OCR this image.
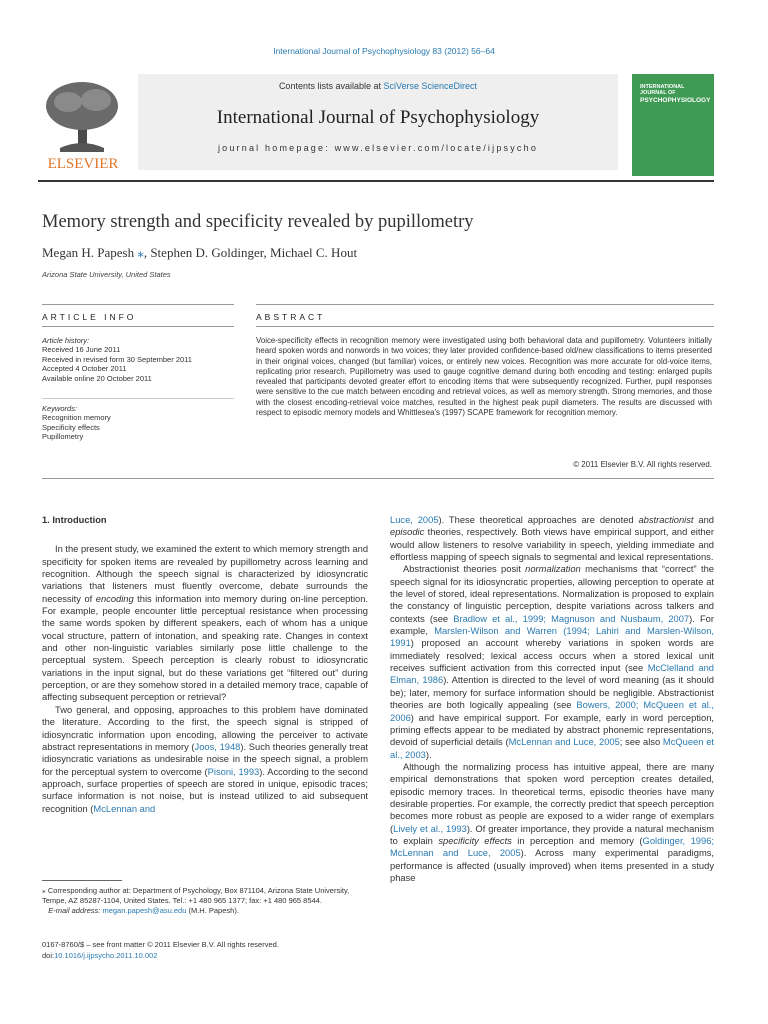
International Journal of Psychophysiology 83 (2012) 56–64
ELSEVIER
Contents lists available at SciVerse ScienceDirect
International Journal of Psychophysiology
journal homepage: www.elsevier.com/locate/ijpsycho
INTERNATIONAL JOURNAL OF
PSYCHOPHYSIOLOGY
Memory strength and specificity revealed by pupillometry
Megan H. Papesh ⁎, Stephen D. Goldinger, Michael C. Hout
Arizona State University, United States
ARTICLE INFO	ABSTRACT
Article history:
Received 16 June 2011
Received in revised form 30 September 2011
Accepted 4 October 2011
Available online 20 October 2011
Keywords:
Recognition memory
Specificity effects
Pupillometry
Voice-specificity effects in recognition memory were investigated using both behavioral data and pupillometry. Volunteers initially heard spoken words and nonwords in two voices; they later provided confidence-based old/new classifications to items presented in their original voices, changed (but familiar) voices, or entirely new voices. Recognition was more accurate for old-voice items, replicating prior research. Pupillometry was used to gauge cognitive demand during both encoding and testing: enlarged pupils revealed that participants devoted greater effort to encoding items that were subsequently recognized. Further, pupil responses were sensitive to the cue match between encoding and retrieval voices, as well as memory strength. Strong memories, and those with the closest encoding-retrieval voice matches, resulted in the highest peak pupil diameters. The results are discussed with respect to episodic memory models and Whittlesea's (1997) SCAPE framework for recognition memory.
© 2011 Elsevier B.V. All rights reserved.
1. Introduction

In the present study, we examined the extent to which memory strength and specificity for spoken items are revealed by pupillometry across learning and recognition. Although the speech signal is characterized by idiosyncratic variations that listeners must fluently overcome, debate surrounds the necessity of encoding this information into memory during on-line perception. For example, people encounter little perceptual resistance when processing the same words spoken by different speakers, each of whom has a unique vocal structure, pattern of intonation, and speaking rate. Changes in context and other non-linguistic variables similarly pose little challenge to the perceptual system. Speech perception is clearly robust to idiosyncratic variations in the input signal, but do these variations get “filtered out” during perception, or are they somehow stored in a detailed memory trace, capable of affecting subsequent perception or retrieval?

Two general, and opposing, approaches to this problem have dominated the literature. According to the first, the speech signal is stripped of idiosyncratic information upon encoding, allowing the perceiver to activate abstract representations in memory (Joos, 1948). Such theories generally treat idiosyncratic variations as undesirable noise in the speech signal, a problem for the perceptual system to overcome (Pisoni, 1993). According to the second approach, surface properties of speech are stored in unique, episodic traces; surface information is not noise, but is instead utilized to aid subsequent recognition (McLennan and

Luce, 2005). These theoretical approaches are denoted abstractionist and episodic theories, respectively. Both views have empirical support, and either would allow listeners to resolve variability in speech, yielding immediate and effortless mapping of speech signals to segmental and lexical representations.

Abstractionist theories posit normalization mechanisms that “correct” the speech signal for its idiosyncratic properties, allowing perception to operate at the level of stored, ideal representations. Normalization is proposed to explain the constancy of linguistic perception, despite variations across talkers and contexts (see Bradlow et al., 1999; Magnuson and Nusbaum, 2007). For example, Marslen-Wilson and Warren (1994; Lahiri and Marslen-Wilson, 1991) proposed an account whereby variations in spoken words are immediately resolved; lexical access occurs when a stored lexical unit receives sufficient activation from this corrected input (see McClelland and Elman, 1986). Attention is directed to the level of word meaning (as it should be); later, memory for surface information should be negligible. Abstractionist theories are both logically appealing (see Bowers, 2000; McQueen et al., 2006) and have empirical support. For example, early in word perception, priming effects appear to be mediated by abstract phonemic representations, devoid of superficial details (McLennan and Luce, 2005; see also McQueen et al., 2003).

Although the normalizing process has intuitive appeal, there are many empirical demonstrations that spoken word perception creates detailed, episodic memory traces. In theoretical terms, episodic theories have many desirable properties. For example, the correctly predict that speech perception becomes more robust as people are exposed to a wider range of exemplars (Lively et al., 1993). Of greater importance, they provide a natural mechanism to explain specificity effects in perception and memory (Goldinger, 1996; McLennan and Luce, 2005). Across many experimental paradigms, performance is affected (usually improved) when items presented in a study phase

⁎ Corresponding author at: Department of Psychology, Box 871104, Arizona State University, Tempe, AZ 85287-1104, United States. Tel.: +1 480 965 1377; fax: +1 480 965 8544.
E-mail address: megan.papesh@asu.edu (M.H. Papesh).
0167-8760/$ – see front matter © 2011 Elsevier B.V. All rights reserved.
doi:10.1016/j.ijpsycho.2011.10.002
